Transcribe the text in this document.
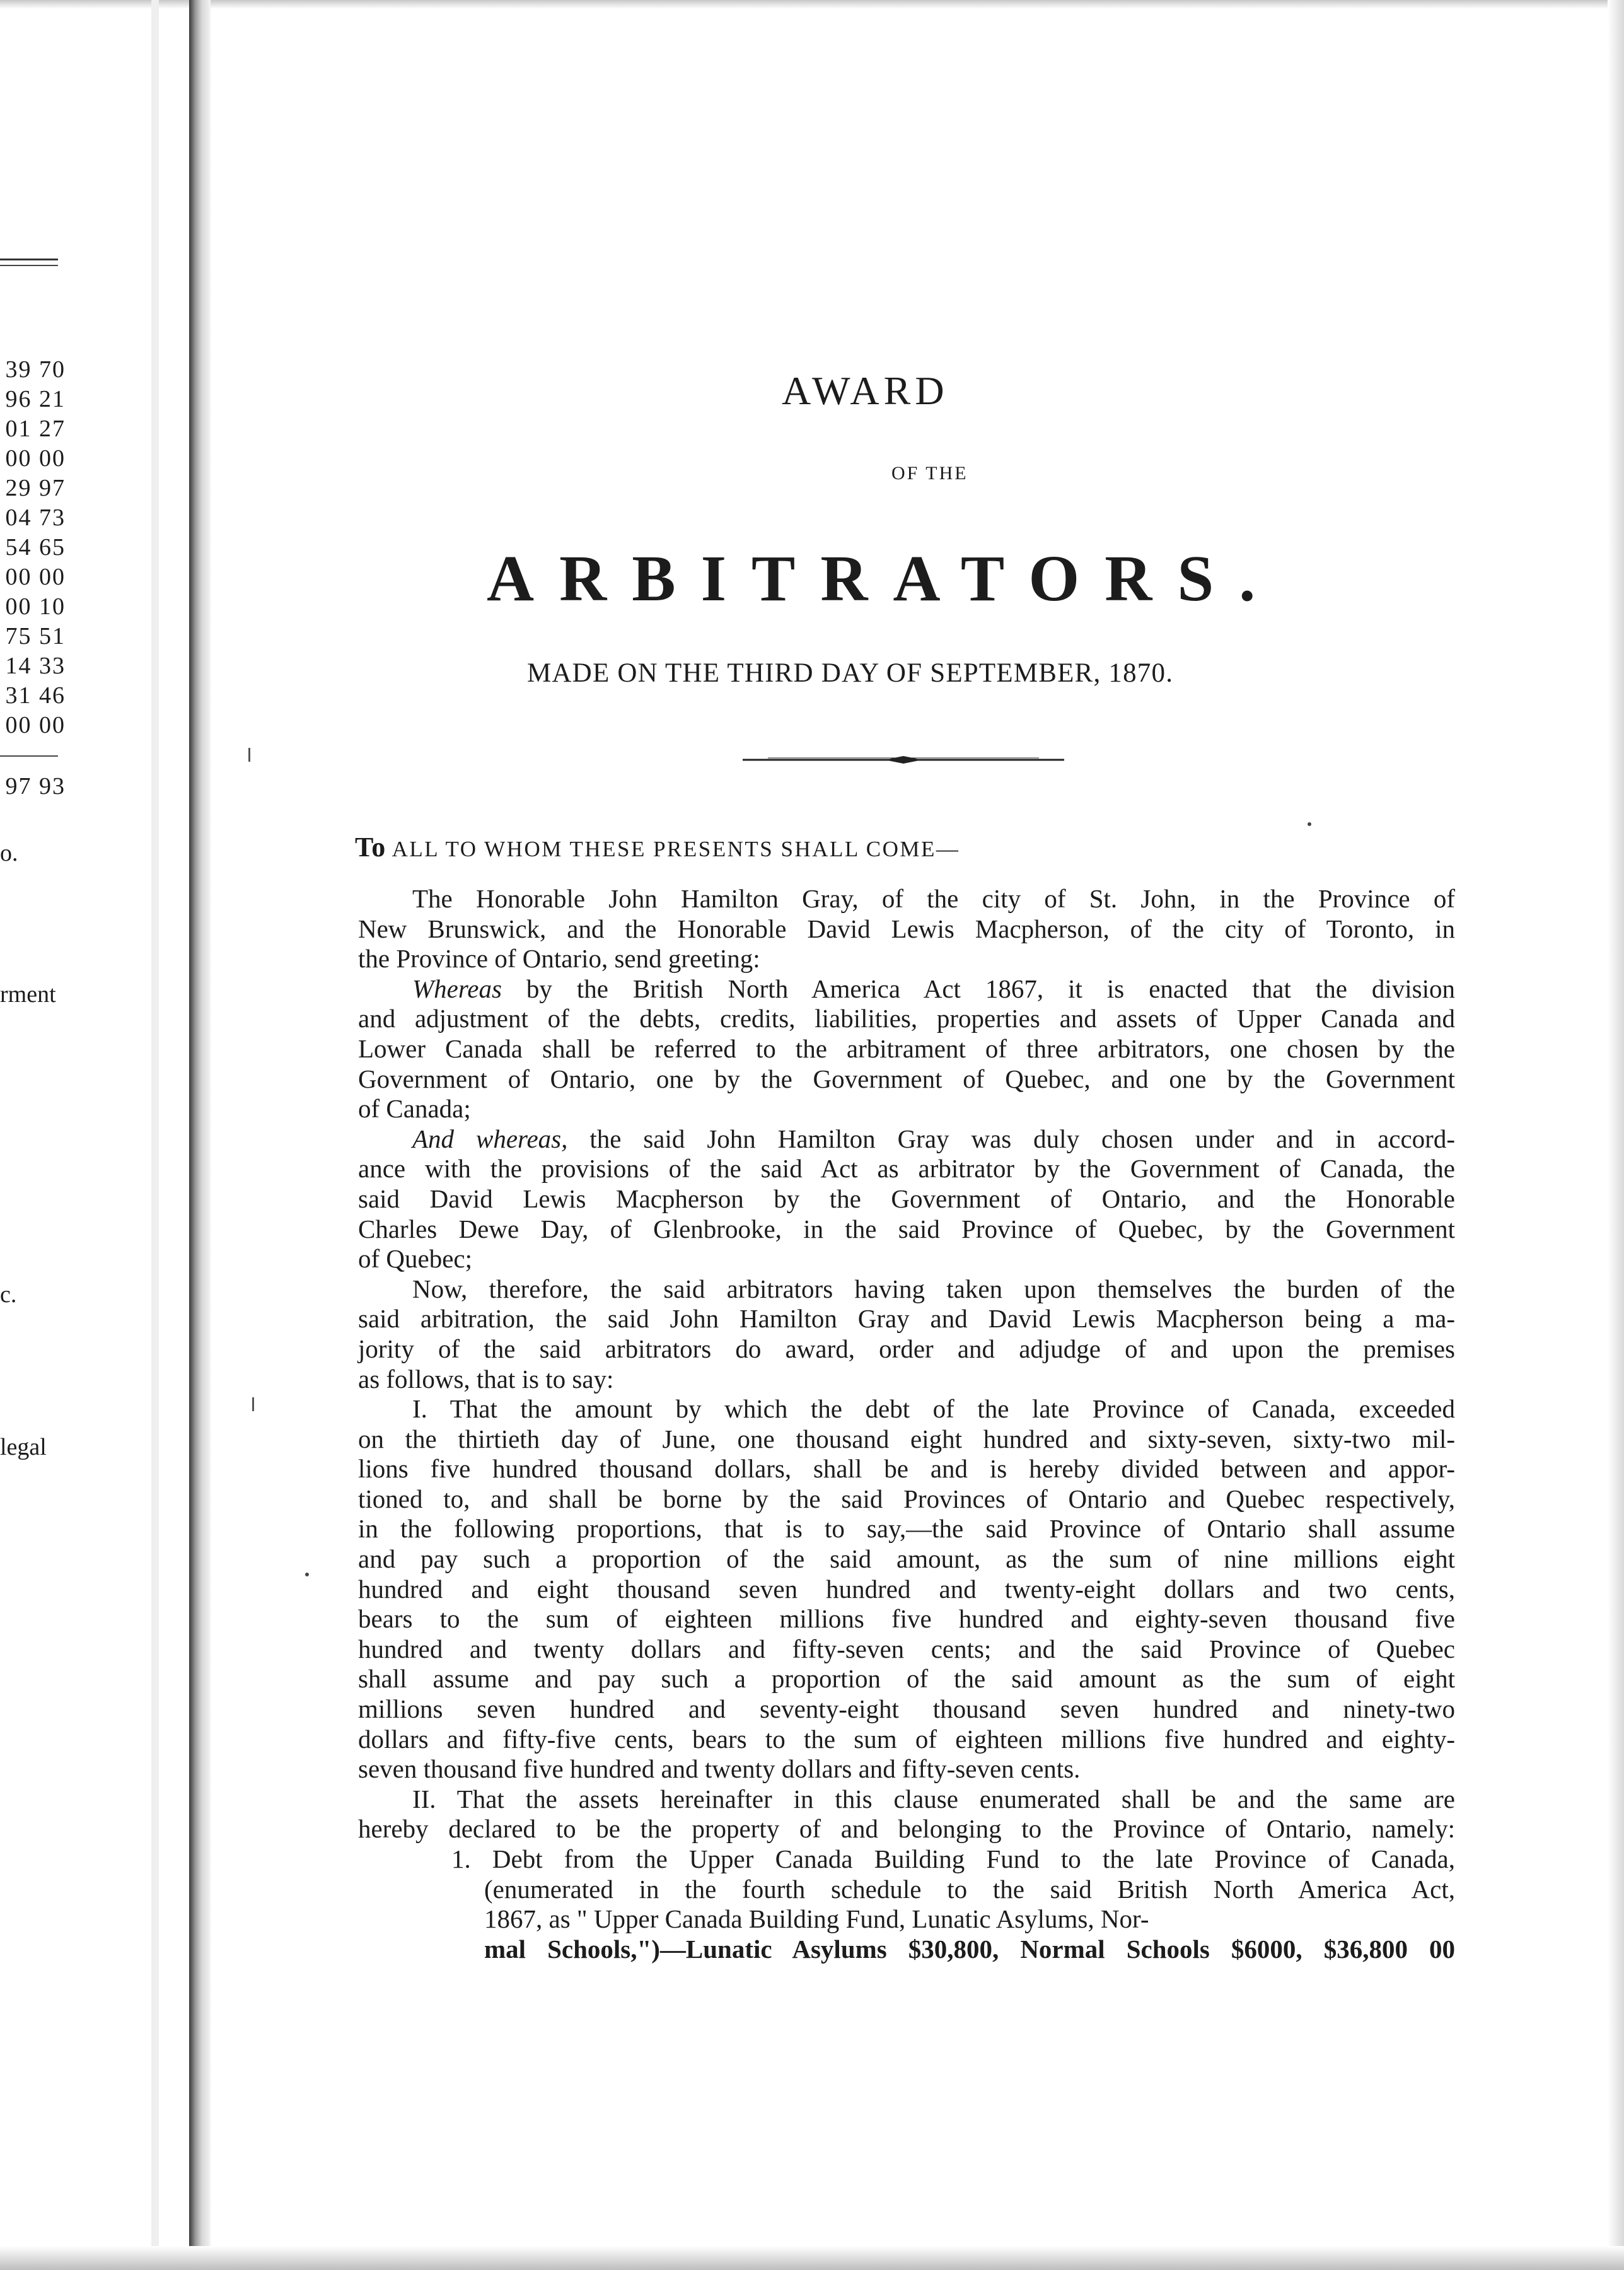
39 70
96 21
01 27
00 00
29 97
04 73
54 65
00 00
00 10
75 51
14 33
31 46
00 00
97 93
o.
rment
c.
legal
AWARD
OF THE
ARBITRATORS.
MADE ON THE THIRD DAY OF SEPTEMBER, 1870.
To ALL TO WHOM THESE PRESENTS SHALL COME—
The Honorable John Hamilton Gray, of the city of St. John, in the Province of
New Brunswick, and the Honorable David Lewis Macpherson, of the city of Toronto, in
the Province of Ontario, send greeting:
Whereas by the British North America Act 1867, it is enacted that the division
and adjustment of the debts, credits, liabilities, properties and assets of Upper Canada and
Lower Canada shall be referred to the arbitrament of three arbitrators, one chosen by the
Government of Ontario, one by the Government of Quebec, and one by the Government
of Canada;
And whereas, the said John Hamilton Gray was duly chosen under and in accord-
ance with the provisions of the said Act as arbitrator by the Government of Canada, the
said David Lewis Macpherson by the Government of Ontario, and the Honorable
Charles Dewe Day, of Glenbrooke, in the said Province of Quebec, by the Government
of Quebec;
Now, therefore, the said arbitrators having taken upon themselves the burden of the
said arbitration, the said John Hamilton Gray and David Lewis Macpherson being a ma-
jority of the said arbitrators do award, order and adjudge of and upon the premises
as follows, that is to say:
I. That the amount by which the debt of the late Province of Canada, exceeded
on the thirtieth day of June, one thousand eight hundred and sixty-seven, sixty-two mil-
lions five hundred thousand dollars, shall be and is hereby divided between and appor-
tioned to, and shall be borne by the said Provinces of Ontario and Quebec respectively,
in the following proportions, that is to say,—the said Province of Ontario shall assume
and pay such a proportion of the said amount, as the sum of nine millions eight
hundred and eight thousand seven hundred and twenty-eight dollars and two cents,
bears to the sum of eighteen millions five hundred and eighty-seven thousand five
hundred and twenty dollars and fifty-seven cents; and the said Province of Quebec
shall assume and pay such a proportion of the said amount as the sum of eight
millions seven hundred and seventy-eight thousand seven hundred and ninety-two
dollars and fifty-five cents, bears to the sum of eighteen millions five hundred and eighty-
seven thousand five hundred and twenty dollars and fifty-seven cents.
II. That the assets hereinafter in this clause enumerated shall be and the same are
hereby declared to be the property of and belonging to the Province of Ontario, namely:
1. Debt from the Upper Canada Building Fund to the late Province of Canada,
(enumerated in the fourth schedule to the said British North America Act,
1867, as " Upper Canada Building Fund, Lunatic Asylums, Nor-
mal Schools,")—Lunatic Asylums $30,800, Normal Schools $6000, $36,800 00
